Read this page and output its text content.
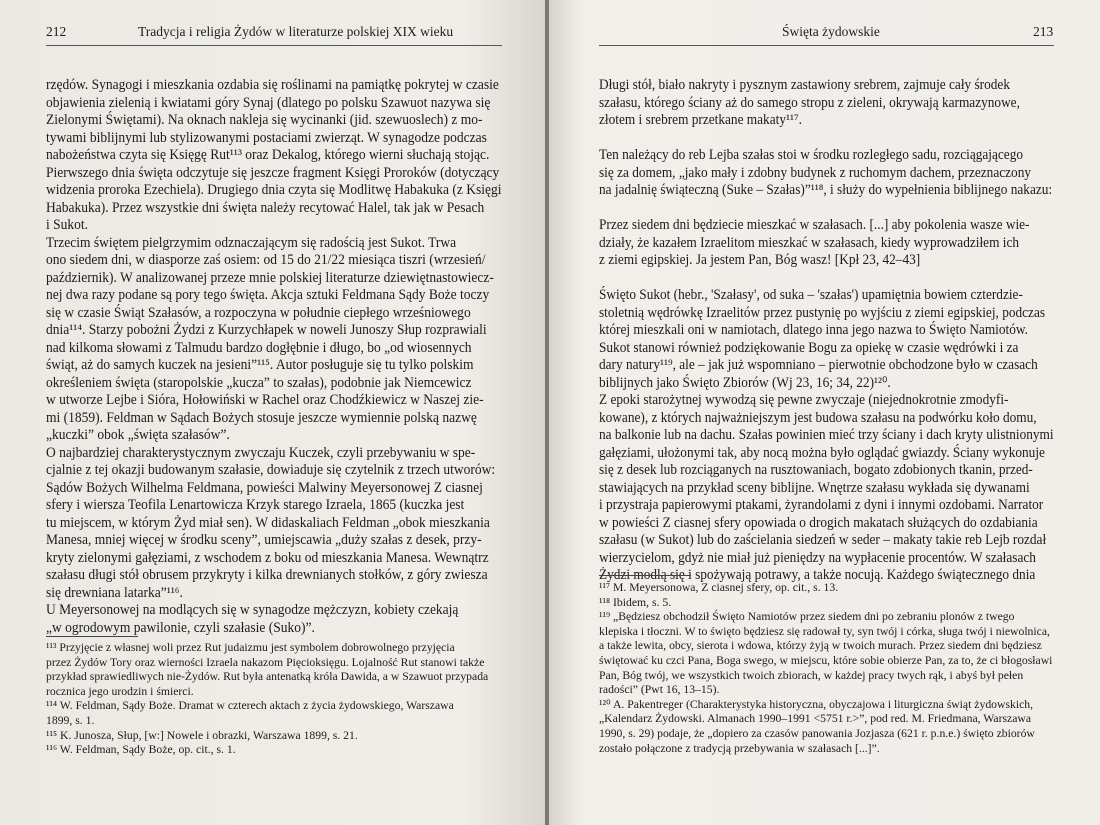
212	Tradycja i religia Żydów w literaturze polskiej XIX wieku

rzędów. Synagogi i mieszkania ozdabia się roślinami na pamiątkę pokrytej w czasie

objawienia zielenią i kwiatami góry Synaj (dlatego po polsku Szawuot nazywa się

Zielonymi Świętami). Na oknach nakleja się wycinanki (jid. szewuoslech) z mo-

tywami biblijnymi lub stylizowanymi postaciami zwierząt. W synagodze podczas

nabożeństwa czyta się Księgę Rut¹¹³ oraz Dekalog, którego wierni słuchają stojąc.

Pierwszego dnia święta odczytuje się jeszcze fragment Księgi Proroków (dotyczący

widzenia proroka Ezechiela). Drugiego dnia czyta się Modlitwę Habakuka (z Księgi

Habakuka). Przez wszystkie dni święta należy recytować Halel, tak jak w Pesach

i Sukot.

Trzecim świętem pielgrzymim odznaczającym się radością jest Sukot. Trwa

ono siedem dni, w diasporze zaś osiem: od 15 do 21/22 miesiąca tiszri (wrzesień/

październik). W analizowanej przeze mnie polskiej literaturze dziewiętnastowiecz-

nej dwa razy podane są pory tego święta. Akcja sztuki Feldmana Sądy Boże toczy

się w czasie Świąt Szałasów, a rozpoczyna w południe ciepłego wrześniowego

dnia¹¹⁴. Starzy pobożni Żydzi z Kurzychłapek w noweli Junoszy Słup rozprawiali

nad kilkoma słowami z Talmudu bardzo dogłębnie i długo, bo „od wiosennych

świąt, aż do samych kuczek na jesieni”¹¹⁵. Autor posługuje się tu tylko polskim

określeniem święta (staropolskie „kucza” to szałas), podobnie jak Niemcewicz

w utworze Lejbe i Sióra, Hołowiński w Rachel oraz Chodźkiewicz w Naszej zie-

mi (1859). Feldman w Sądach Bożych stosuje jeszcze wymiennie polską nazwę

„kuczki” obok „święta szałasów”.

O najbardziej charakterystycznym zwyczaju Kuczek, czyli przebywaniu w spe-

cjalnie z tej okazji budowanym szałasie, dowiaduje się czytelnik z trzech utworów:

Sądów Bożych Wilhelma Feldmana, powieści Malwiny Meyersonowej Z ciasnej

sfery i wiersza Teofila Lenartowicza Krzyk starego Izraela, 1865 (kuczka jest

tu miejscem, w którym Żyd miał sen). W didaskaliach Feldman „obok mieszkania

Manesa, mniej więcej w środku sceny”, umiejscawia „duży szałas z desek, przy-

kryty zielonymi gałęziami, z wschodem z boku od mieszkania Manesa. Wewnątrz

szałasu długi stół obrusem przykryty i kilka drewnianych stołków, z góry zwiesza

się drewniana latarka”¹¹⁶.

U Meyersonowej na modlących się w synagodze mężczyzn, kobiety czekają

„w ogrodowym pawilonie, czyli szałasie (Suko)”.

¹¹³ Przyjęcie z własnej woli przez Rut judaizmu jest symbolem dobrowolnego przyjęcia

przez Żydów Tory oraz wierności Izraela nakazom Pięcioksięgu. Lojalność Rut stanowi także

przykład sprawiedliwych nie-Żydów. Rut była antenatką króla Dawida, a w Szawuot przypada

rocznica jego urodzin i śmierci.

¹¹⁴ W. Feldman, Sądy Boże. Dramat w czterech aktach z życia żydowskiego, Warszawa

1899, s. 1.

¹¹⁵ K. Junosza, Słup, [w:] Nowele i obrazki, Warszawa 1899, s. 21.

¹¹⁶ W. Feldman, Sądy Boże, op. cit., s. 1.

Święta żydowskie	213

Długi stół, biało nakryty i pysznym zastawiony srebrem, zajmuje cały środek

szałasu, którego ściany aż do samego stropu z zieleni, okrywają karmazynowe,

złotem i srebrem przetkane makaty¹¹⁷.

Ten należący do reb Lejba szałas stoi w środku rozległego sadu, rozciągającego

się za domem, „jako mały i zdobny budynek z ruchomym dachem, przeznaczony

na jadalnię świąteczną (Suke – Szałas)”¹¹⁸, i służy do wypełnienia biblijnego nakazu:

Przez siedem dni będziecie mieszkać w szałasach. [...] aby pokolenia wasze wie-

działy, że kazałem Izraelitom mieszkać w szałasach, kiedy wyprowadziłem ich

z ziemi egipskiej. Ja jestem Pan, Bóg wasz! [Kpł 23, 42–43]

Święto Sukot (hebr., 'Szałasy', od suka – 'szałas') upamiętnia bowiem czterdzie-

stoletnią wędrówkę Izraelitów przez pustynię po wyjściu z ziemi egipskiej, podczas

której mieszkali oni w namiotach, dlatego inna jego nazwa to Święto Namiotów.

Sukot stanowi również podziękowanie Bogu za opiekę w czasie wędrówki i za

dary natury¹¹⁹, ale – jak już wspomniano – pierwotnie obchodzone było w czasach

biblijnych jako Święto Zbiorów (Wj 23, 16; 34, 22)¹²⁰.

Z epoki starożytnej wywodzą się pewne zwyczaje (niejednokrotnie zmodyfi-

kowane), z których najważniejszym jest budowa szałasu na podwórku koło domu,

na balkonie lub na dachu. Szałas powinien mieć trzy ściany i dach kryty ulistnionymi

gałęziami, ułożonymi tak, aby nocą można było oglądać gwiazdy. Ściany wykonuje

się z desek lub rozciąganych na rusztowaniach, bogato zdobionych tkanin, przed-

stawiających na przykład sceny biblijne. Wnętrze szałasu wykłada się dywanami

i przystraja papierowymi ptakami, żyrandolami z dyni i innymi ozdobami. Narrator

w powieści Z ciasnej sfery opowiada o drogich makatach służących do ozdabiania

szałasu (w Sukot) lub do zaścielania siedzeń w seder – makaty takie reb Lejb rozdał

wierzycielom, gdyż nie miał już pieniędzy na wypłacenie procentów. W szałasach

Żydzi modlą się i spożywają potrawy, a także nocują. Każdego świątecznego dnia

¹¹⁷ M. Meyersonowa, Z ciasnej sfery, op. cit., s. 13.

¹¹⁸ Ibidem, s. 5.

¹¹⁹ „Będziesz obchodził Święto Namiotów przez siedem dni po zebraniu plonów z twego

klepiska i tłoczni. W to święto będziesz się radował ty, syn twój i córka, sługa twój i niewolnica,

a także lewita, obcy, sierota i wdowa, którzy żyją w twoich murach. Przez siedem dni będziesz

świętować ku czci Pana, Boga swego, w miejscu, które sobie obierze Pan, za to, że ci błogosławi

Pan, Bóg twój, we wszystkich twoich zbiorach, w każdej pracy twych rąk, i abyś był pełen

radości” (Pwt 16, 13–15).

¹²⁰ A. Pakentreger (Charakterystyka historyczna, obyczajowa i liturgiczna świąt żydowskich,

„Kalendarz Żydowski. Almanach 1990–1991 <5751 r.>”, pod red. M. Friedmana, Warszawa

1990, s. 29) podaje, że „dopiero za czasów panowania Jozjasza (621 r. p.n.e.) święto zbiorów

zostało połączone z tradycją przebywania w szałasach [...]”.
